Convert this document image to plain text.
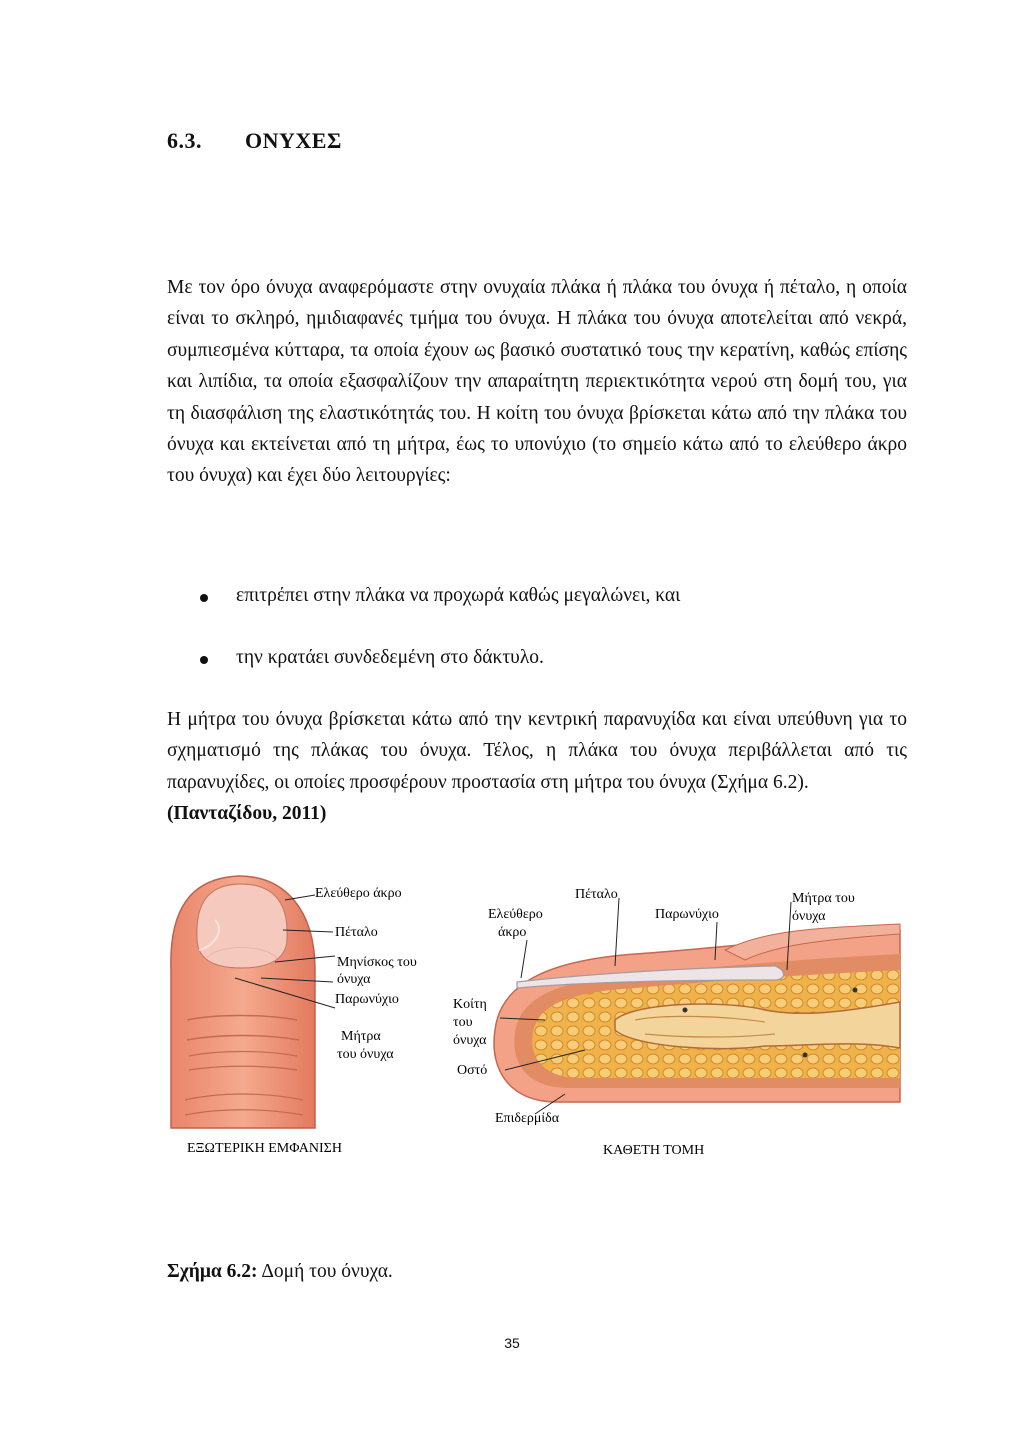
6.3. ΟΝΥΧΕΣ

Με τον όρο όνυχα αναφερόμαστε στην ονυχαία πλάκα ή πλάκα του όνυχα ή πέταλο, η οποία είναι το σκληρό, ημιδιαφανές τμήμα του όνυχα. Η πλάκα του όνυχα αποτελείται από νεκρά, συμπιεσμένα κύτταρα, τα οποία έχουν ως βασικό συστατικό τους την κερατίνη, καθώς επίσης και λιπίδια, τα οποία εξασφαλίζουν την απαραίτητη περιεκτικότητα νερού στη δομή του, για τη διασφάλιση της ελαστικότητάς του. Η κοίτη του όνυχα βρίσκεται κάτω από την πλάκα του όνυχα και εκτείνεται από τη μήτρα, έως το υπονύχιο (το σημείο κάτω από το ελεύθερο άκρο του όνυχα) και έχει δύο λειτουργίες:

επιτρέπει στην πλάκα να προχωρά καθώς μεγαλώνει, και
την κρατάει συνδεδεμένη στο δάκτυλο.

Η μήτρα του όνυχα βρίσκεται κάτω από την κεντρική παρανυχίδα και είναι υπεύθυνη για το σχηματισμό της πλάκας του όνυχα. Τέλος, η πλάκα του όνυχα περιβάλλεται από τις παρανυχίδες, οι οποίες προσφέρουν προστασία στη μήτρα του όνυχα (Σχήμα 6.2).

(Πανταζίδου, 2011)

Ελεύθερο άκρο
Πέταλο
Μηνίσκος του
όνυχα
Παρωνύχιο
Μήτρα
του όνυχα
ΕΞΩΤΕΡΙΚΗ ΕΜΦΑΝΙΣΗ
Ελεύθερο
άκρο
Πέταλο
Παρωνύχιο
Μήτρα του
όνυχα
Κοίτη
του
όνυχα
Οστό
Επιδερμίδα
ΚΑΘΕΤΗ ΤΟΜΗ
Σχήμα 6.2: Δομή του όνυχα.
35
